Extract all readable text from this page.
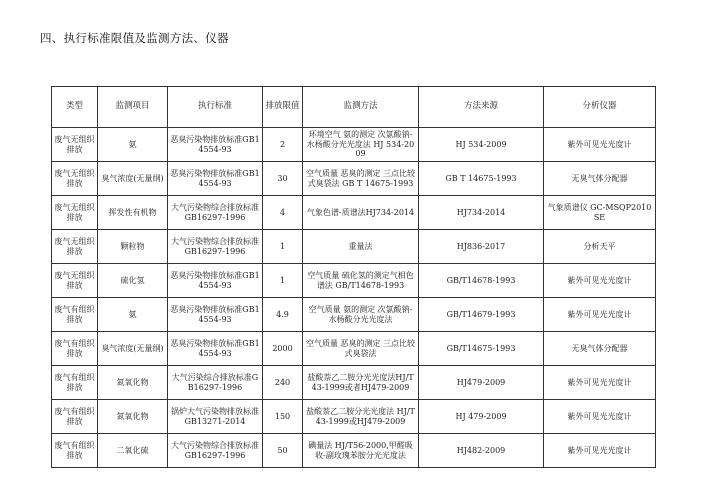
四、执行标准限值及监测方法、仪器
类型	监测项目	执行标准	排放限值	监测方法	方法来源	分析仪器
废气无组织排放	氨	恶臭污染物排放标准GB14554-93	2	环境空气 氨的测定 次氯酸钠-水杨酸分光光度法 HJ 534-2009	HJ 534-2009	紫外可见光光度计
废气无组织排放	臭气浓度(无量纲)	恶臭污染物排放标准GB14554-93	30	空气质量 恶臭的测定 三点比较式臭袋法 GB T 14675-1993	GB T 14675-1993	无臭气体分配器
废气无组织排放	挥发性有机物	大气污染物综合排放标准GB16297-1996	4	气象色谱-质谱法HJ734-2014	HJ734-2014	气象质谱仪 GC-MSQP2010SE
废气无组织排放	颗粒物	大气污染物综合排放标准GB16297-1996	1	重量法	HJ836-2017	分析天平
废气无组织排放	硫化氢	恶臭污染物排放标准GB14554-93	1	空气质量 硫化氢的测定气相色谱法 GB/T14678-1993	GB/T14678-1993	紫外可见光光度计
废气有组织排放	氨	恶臭污染物排放标准GB14554-93	4.9	空气质量 氨的测定 次氯酸钠-水杨酸分光光度法	GB/T14679-1993	紫外可见光光度计
废气有组织排放	臭气浓度(无量纲)	恶臭污染物排放标准GB14554-93	2000	空气质量 恶臭的测定 三点比较式臭袋法	GB/T14675-1993	无臭气体分配器
废气有组织排放	氮氧化物	大气污染综合排放标准GB16297-1996	240	盐酸萘乙二胺分光光度法HJ/T 43-1999或者HJ479-2009	HJ479-2009	紫外可见光光度计
废气有组织排放	氮氧化物	锅炉大气污染物排放标准GB13271-2014	150	盐酸萘乙二胺分光光度法 HJ/T 43-1999或HJ479-2009	HJ 479-2009	紫外可见光光度计
废气有组织排放	二氧化硫	大气污染物综合排放标准GB16297-1996	50	碘量法 HJ/T56-2000,甲醛吸收-副玫瑰苯胺分光光度法	HJ482-2009	紫外可见光光度计
